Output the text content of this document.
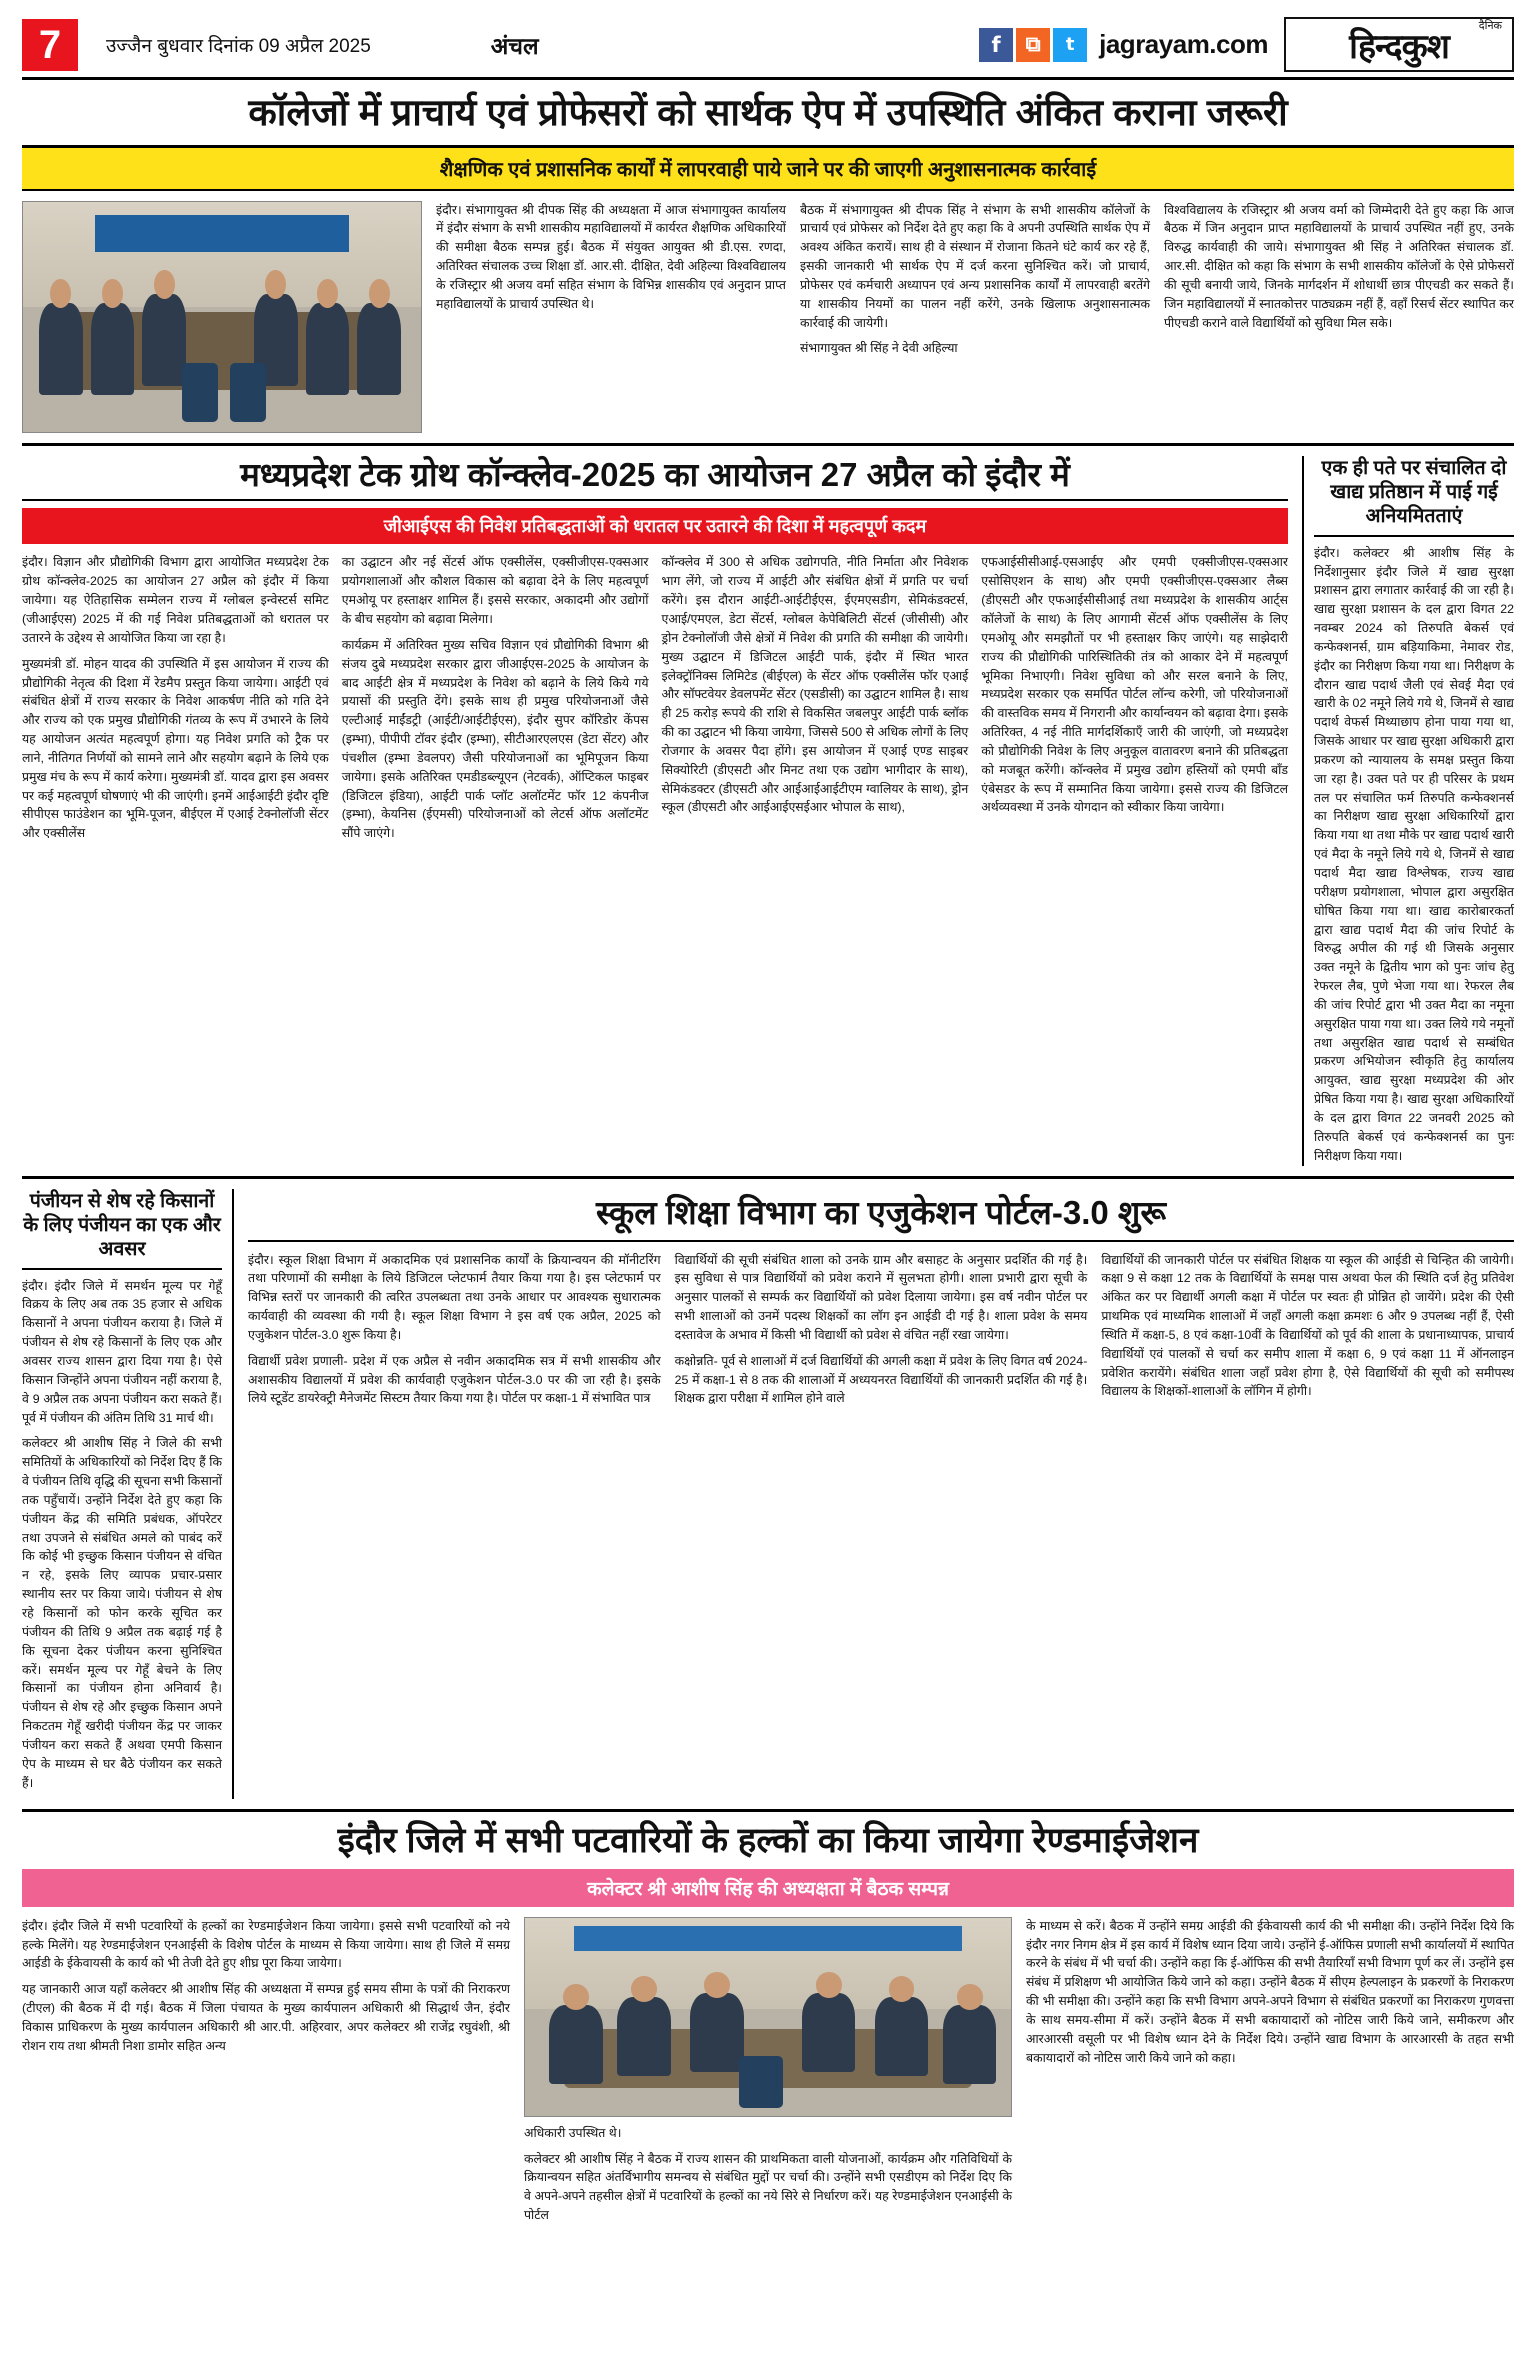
7	उज्जैन बुधवार दिनांक 09 अप्रैल 2025	अंचल	f	⧉	t jagrayam.com
दैनिक
हिन्दकुश
कॉलेजों में प्राचार्य एवं प्रोफेसरों को सार्थक ऐप में उपस्थिति अंकित कराना जरूरी
शैक्षणिक एवं प्रशासनिक कार्यों में लापरवाही पाये जाने पर की जाएगी अनुशासनात्मक कार्रवाई
इंदौर। संभागायुक्त श्री दीपक सिंह की अध्यक्षता में आज संभागायुक्त कार्यालय में इंदौर संभाग के सभी शासकीय महाविद्यालयों में कार्यरत शैक्षणिक अधिकारियों की समीक्षा बैठक सम्पन्न हुई। बैठक में संयुक्त आयुक्त श्री डी.एस. रणदा, अतिरिक्त संचालक उच्च शिक्षा डॉ. आर.सी. दीक्षित, देवी अहिल्या विश्वविद्यालय के रजिस्ट्रार श्री अजय वर्मा सहित संभाग के विभिन्न शासकीय एवं अनुदान प्राप्त महाविद्यालयों के प्राचार्य उपस्थित थे।

बैठक में संभागायुक्त श्री दीपक सिंह ने संभाग के सभी शासकीय कॉलेजों के प्राचार्य एवं प्रोफेसर को निर्देश देते हुए कहा कि वे अपनी उपस्थिति सार्थक ऐप में अवश्य अंकित करायें। साथ ही वे संस्थान में रोजाना कितने घंटे कार्य कर रहे हैं, इसकी जानकारी भी सार्थक ऐप में दर्ज करना सुनिश्चित करें। जो प्राचार्य, प्रोफेसर एवं कर्मचारी अध्यापन एवं अन्य प्रशासनिक कार्यों में लापरवाही बरतेंगे या शासकीय नियमों का पालन नहीं करेंगे, उनके खिलाफ अनुशासनात्मक कार्रवाई की जायेगी।

संभागायुक्त श्री सिंह ने देवी अहिल्या

विश्वविद्यालय के रजिस्ट्रार श्री अजय वर्मा को जिम्मेदारी देते हुए कहा कि आज बैठक में जिन अनुदान प्राप्त महाविद्यालयों के प्राचार्य उपस्थित नहीं हुए, उनके विरुद्ध कार्यवाही की जाये। संभागायुक्त श्री सिंह ने अतिरिक्त संचालक डॉ. आर.सी. दीक्षित को कहा कि संभाग के सभी शासकीय कॉलेजों के ऐसे प्रोफेसरों की सूची बनायी जाये, जिनके मार्गदर्शन में शोधार्थी छात्र पीएचडी कर सकते हैं। जिन महाविद्यालयों में स्नातकोत्तर पाठ्यक्रम नहीं हैं, वहाँ रिसर्च सेंटर स्थापित कर पीएचडी कराने वाले विद्यार्थियों को सुविधा मिल सके।
मध्यप्रदेश टेक ग्रोथ कॉन्क्लेव-2025 का आयोजन 27 अप्रैल को इंदौर में
जीआईएस की निवेश प्रतिबद्धताओं को धरातल पर उतारने की दिशा में महत्वपूर्ण कदम

इंदौर। विज्ञान और प्रौद्योगिकी विभाग द्वारा आयोजित मध्यप्रदेश टेक ग्रोथ कॉन्क्लेव-2025 का आयोजन 27 अप्रैल को इंदौर में किया जायेगा। यह ऐतिहासिक सम्मेलन राज्य में ग्लोबल इन्वेस्टर्स समिट (जीआईएस) 2025 में की गई निवेश प्रतिबद्धताओं को धरातल पर उतारने के उद्देश्य से आयोजित किया जा रहा है।

मुख्यमंत्री डॉ. मोहन यादव की उपस्थिति में इस आयोजन में राज्य की प्रौद्योगिकी नेतृत्व की दिशा में रेडमैप प्रस्तुत किया जायेगा। आईटी एवं संबंधित क्षेत्रों में राज्य सरकार के निवेश आकर्षण नीति को गति देने और राज्य को एक प्रमुख प्रौद्योगिकी गंतव्य के रूप में उभारने के लिये यह आयोजन अत्यंत महत्वपूर्ण होगा। यह निवेश प्रगति को ट्रैक पर लाने, नीतिगत निर्णयों को सामने लाने और सहयोग बढ़ाने के लिये एक प्रमुख मंच के रूप में कार्य करेगा। मुख्यमंत्री डॉ. यादव द्वारा इस अवसर पर कई महत्वपूर्ण घोषणाएं भी की जाएंगी। इनमें आईआईटी इंदौर दृष्टि सीपीएस फाउंडेशन का भूमि-पूजन, बीईएल में एआई टेक्नोलॉजी सेंटर और एक्सीलेंस

का उद्घाटन और नई सेंटर्स ऑफ एक्सीलेंस, एक्सीजीएस-एक्सआर प्रयोगशालाओं और कौशल विकास को बढ़ावा देने के लिए महत्वपूर्ण एमओयू पर हस्ताक्षर शामिल हैं। इससे सरकार, अकादमी और उद्योगों के बीच सहयोग को बढ़ावा मिलेगा।

कार्यक्रम में अतिरिक्त मुख्य सचिव विज्ञान एवं प्रौद्योगिकी विभाग श्री संजय दुबे मध्यप्रदेश सरकार द्वारा जीआईएस-2025 के आयोजन के बाद आईटी क्षेत्र में मध्यप्रदेश के निवेश को बढ़ाने के लिये किये गये प्रयासों की प्रस्तुति देंगे। इसके साथ ही प्रमुख परियोजनाओं जैसे एल्टीआई माईंडट्री (आईटी/आईटीईएस), इंदौर सुपर कॉरिडोर केंपस (इम्भा), पीपीपी टॉवर इंदौर (इम्भा), सीटीआरएलएस (डेटा सेंटर) और पंचशील (इम्भा डेवलपर) जैसी परियोजनाओं का भूमिपूजन किया जायेगा। इसके अतिरिक्त एमडीडब्ल्यूएन (नेटवर्क), ऑप्टिकल फाइबर (डिजिटल इंडिया), आईटी पार्क प्लॉट अलॉटमेंट फॉर 12 कंपनीज (इम्भा), केयनिस (ईएमसी) परियोजनाओं को लेटर्स ऑफ अलॉटमेंट सौंपे जाएंगे।

कॉन्क्लेव में 300 से अधिक उद्योगपति, नीति निर्माता और निवेशक भाग लेंगे, जो राज्य में आईटी और संबंधित क्षेत्रों में प्रगति पर चर्चा करेंगे। इस दौरान आईटी-आईटीईएस, ईएमएसडीग, सेमिकंडक्टर्स, एआई/एमएल, डेटा सेंटर्स, ग्लोबल केपेबिलिटी सेंटर्स (जीसीसी) और ड्रोन टेक्नोलॉजी जैसे क्षेत्रों में निवेश की प्रगति की समीक्षा की जायेगी। मुख्य उद्घाटन में डिजिटल आईटी पार्क, इंदौर में स्थित भारत इलेक्ट्रॉनिक्स लिमिटेड (बीईएल) के सेंटर ऑफ एक्सीलेंस फॉर एआई और सॉफ्टवेयर डेवलपमेंट सेंटर (एसडीसी) का उद्घाटन शामिल है। साथ ही 25 करोड़ रूपये की राशि से विकसित जबलपुर आईटी पार्क ब्लॉक की का उद्घाटन भी किया जायेगा, जिससे 500 से अधिक लोगों के लिए रोजगार के अवसर पैदा होंगे। इस आयोजन में एआई एण्ड साइबर सिक्योरिटी (डीएसटी और मिनट तथा एक उद्योग भागीदार के साथ), सेमिकंडक्टर (डीएसटी और आईआईआईटीएम ग्वालियर के साथ), ड्रोन स्कूल (डीएसटी और आईआईएसईआर भोपाल के साथ),
एफआईसीसीआई-एसआईए और एमपी एक्सीजीएस-एक्सआर एसोसिएशन के साथ) और एमपी एक्सीजीएस-एक्सआर लैब्स (डीएसटी और एफआईसीसीआई तथा मध्यप्रदेश के शासकीय आर्ट्स कॉलेजों के साथ) के लिए आगामी सेंटर्स ऑफ एक्सीलेंस के लिए एमओयू और समझौतों पर भी हस्ताक्षर किए जाएंगे। यह साझेदारी राज्य की प्रौद्योगिकी पारिस्थितिकी तंत्र को आकार देने में महत्वपूर्ण भूमिका निभाएगी। निवेश सुविधा को और सरल बनाने के लिए, मध्यप्रदेश सरकार एक समर्पित पोर्टल लॉन्च करेगी, जो परियोजनाओं की वास्तविक समय में निगरानी और कार्यान्वयन को बढ़ावा देगा। इसके अतिरिक्त, 4 नई नीति मार्गदर्शिकाएँ जारी की जाएंगी, जो मध्यप्रदेश को प्रौद्योगिकी निवेश के लिए अनुकूल वातावरण बनाने की प्रतिबद्धता को मजबूत करेंगी। कॉन्क्लेव में प्रमुख उद्योग हस्तियों को एमपी बॉंड एंबेसडर के रूप में सम्मानित किया जायेगा। इससे राज्य की डिजिटल अर्थव्यवस्था में उनके योगदान को स्वीकार किया जायेगा।
एक ही पते पर संचालित दो खाद्य प्रतिष्ठान में पाई गई अनियमितताएं
इंदौर। कलेक्टर श्री आशीष सिंह के निर्देशानुसार इंदौर जिले में खाद्य सुरक्षा प्रशासन द्वारा लगातार कार्रवाई की जा रही है। खाद्य सुरक्षा प्रशासन के दल द्वारा विगत 22 नवम्बर 2024 को तिरुपति बेकर्स एवं कन्फेक्शनर्स, ग्राम बड़ियाकिमा, नेमावर रोड, इंदौर का निरीक्षण किया गया था। निरीक्षण के दौरान खाद्य पदार्थ जैली एवं सेवई मैदा एवं खारी के 02 नमूने लिये गये थे, जिनमें से खाद्य पदार्थ वेफर्स मिथ्याछाप होना पाया गया था, जिसके आधार पर खाद्य सुरक्षा अधिकारी द्वारा प्रकरण को न्यायालय के समक्ष प्रस्तुत किया जा रहा है। उक्त पते पर ही परिसर के प्रथम तल पर संचालित फर्म तिरुपति कन्फेक्शनर्स का निरीक्षण खाद्य सुरक्षा अधिकारियों द्वारा किया गया था तथा मौके पर खाद्य पदार्थ खारी एवं मैदा के नमूने लिये गये थे, जिनमें से खाद्य पदार्थ मैदा खाद्य विश्लेषक, राज्य खाद्य परीक्षण प्रयोगशाला, भोपाल द्वारा असुरक्षित घोषित किया गया था। खाद्य कारोबारकर्ता द्वारा खाद्य पदार्थ मैदा की जांच रिपोर्ट के विरुद्ध अपील की गई थी जिसके अनुसार उक्त नमूने के द्वितीय भाग को पुनः जांच हेतु रेफरल लैब, पुणे भेजा गया था। रेफरल लैब की जांच रिपोर्ट द्वारा भी उक्त मैदा का नमूना असुरक्षित पाया गया था। उक्त लिये गये नमूनों तथा असुरक्षित खाद्य पदार्थ से सम्बंधित प्रकरण अभियोजन स्वीकृति हेतु कार्यालय आयुक्त, खाद्य सुरक्षा मध्यप्रदेश की ओर प्रेषित किया गया है। खाद्य सुरक्षा अधिकारियों के दल द्वारा विगत 22 जनवरी 2025 को तिरुपति बेकर्स एवं कन्फेक्शनर्स का पुनः निरीक्षण किया गया।
पंजीयन से शेष रहे किसानों के लिए पंजीयन का एक और अवसर

इंदौर। इंदौर जिले में समर्थन मूल्य पर गेहूँ विक्रय के लिए अब तक 35 हजार से अधिक किसानों ने अपना पंजीयन कराया है। जिले में पंजीयन से शेष रहे किसानों के लिए एक और अवसर राज्य शासन द्वारा दिया गया है। ऐसे किसान जिन्होंने अपना पंजीयन नहीं कराया है, वे 9 अप्रैल तक अपना पंजीयन करा सकते हैं। पूर्व में पंजीयन की अंतिम तिथि 31 मार्च थी।

कलेक्टर श्री आशीष सिंह ने जिले की सभी समितियों के अधिकारियों को निर्देश दिए हैं कि वे पंजीयन तिथि वृद्धि की सूचना सभी किसानों तक पहुँचायें। उन्होंने निर्देश देते हुए कहा कि पंजीयन केंद्र की समिति प्रबंधक, ऑपरेटर तथा उपजने से संबंधित अमले को पाबंद करें कि कोई भी इच्छुक किसान पंजीयन से वंचित न रहे, इसके लिए व्यापक प्रचार-प्रसार स्थानीय स्तर पर किया जाये। पंजीयन से शेष रहे किसानों को फोन करके सूचित कर पंजीयन की तिथि 9 अप्रैल तक बढ़ाई गई है कि सूचना देकर पंजीयन करना सुनिश्चित करें। समर्थन मूल्य पर गेहूँ बेचने के लिए किसानों का पंजीयन होना अनिवार्य है। पंजीयन से शेष रहे और इच्छुक किसान अपने निकटतम गेहूँ खरीदी पंजीयन केंद्र पर जाकर पंजीयन करा सकते हैं अथवा एमपी किसान ऐप के माध्यम से घर बैठे पंजीयन कर सकते हैं।

स्कूल शिक्षा विभाग का एजुकेशन पोर्टल-3.0 शुरू

इंदौर। स्कूल शिक्षा विभाग में अकादमिक एवं प्रशासनिक कार्यों के क्रियान्वयन की मॉनीटरिंग तथा परिणामों की समीक्षा के लिये डिजिटल प्लेटफार्म तैयार किया गया है। इस प्लेटफार्म पर विभिन्न स्तरों पर जानकारी की त्वरित उपलब्धता तथा उनके आधार पर आवश्यक सुधारात्मक कार्यवाही की व्यवस्था की गयी है। स्कूल शिक्षा विभाग ने इस वर्ष एक अप्रैल, 2025 को एजुकेशन पोर्टल-3.0 शुरू किया है।

विद्यार्थी प्रवेश प्रणाली- प्रदेश में एक अप्रैल से नवीन अकादमिक सत्र में सभी शासकीय और अशासकीय विद्यालयों में प्रवेश की कार्यवाही एजुकेशन पोर्टल-3.0 पर की जा रही है। इसके लिये स्टूडेंट डायरेक्ट्री मैनेजमेंट सिस्टम तैयार किया गया है। पोर्टल पर कक्षा-1 में संभावित पात्र

विद्यार्थियों की सूची संबंधित शाला को उनके ग्राम और बसाहट के अनुसार प्रदर्शित की गई है। इस सुविधा से पात्र विद्यार्थियों को प्रवेश कराने में सुलभता होगी। शाला प्रभारी द्वारा सूची के अनुसार पालकों से सम्पर्क कर विद्यार्थियों को प्रवेश दिलाया जायेगा। इस वर्ष नवीन पोर्टल पर सभी शालाओं को उनमें पदस्थ शिक्षकों का लॉग इन आईडी दी गई है। शाला प्रवेश के समय दस्तावेज के अभाव में किसी भी विद्यार्थी को प्रवेश से वंचित नहीं रखा जायेगा।

कक्षोन्नति- पूर्व से शालाओं में दर्ज विद्यार्थियों की अगली कक्षा में प्रवेश के लिए विगत वर्ष 2024-25 में कक्षा-1 से 8 तक की शालाओं में अध्ययनरत विद्यार्थियों की जानकारी प्रदर्शित की गई है। शिक्षक द्वारा परीक्षा में शामिल होने वाले

विद्यार्थियों की जानकारी पोर्टल पर संबंधित शिक्षक या स्कूल की आईडी से चिन्हित की जायेगी। कक्षा 9 से कक्षा 12 तक के विद्यार्थियों के समक्ष पास अथवा फेल की स्थिति दर्ज हेतु प्रतिवेश अंकित कर पर विद्यार्थी अगली कक्षा में पोर्टल पर स्वतः ही प्रोन्नित हो जायेंगे। प्रदेश की ऐसी प्राथमिक एवं माध्यमिक शालाओं में जहाँ अगली कक्षा क्रमशः 6 और 9 उपलब्ध नहीं हैं, ऐसी स्थिति में कक्षा-5, 8 एवं कक्षा-10वीं के विद्यार्थियों को पूर्व की शाला के प्रधानाध्यापक, प्राचार्य विद्यार्थियों एवं पालकों से चर्चा कर समीप शाला में कक्षा 6, 9 एवं कक्षा 11 में ऑनलाइन प्रवेशित करायेंगे। संबंधित शाला जहाँ प्रवेश होगा है, ऐसे विद्यार्थियों की सूची को समीपस्थ विद्यालय के शिक्षकों-शालाओं के लॉगिन में होगी।
इंदौर जिले में सभी पटवारियों के हल्कों का किया जायेगा रेण्डमाईजेशन
कलेक्टर श्री आशीष सिंह की अध्यक्षता में बैठक सम्पन्न

इंदौर। इंदौर जिले में सभी पटवारियों के हल्कों का रेण्डमाईजेशन किया जायेगा। इससे सभी पटवारियों को नये हल्के मिलेंगे। यह रेण्डमाईजेशन एनआईसी के विशेष पोर्टल के माध्यम से किया जायेगा। साथ ही जिले में समग्र आईडी के ईकेवायसी के कार्य को भी तेजी देते हुए शीघ्र पूरा किया जायेगा।

यह जानकारी आज यहाँ कलेक्टर श्री आशीष सिंह की अध्यक्षता में सम्पन्न हुई समय सीमा के पत्रों की निराकरण (टीएल) की बैठक में दी गई। बैठक में जिला पंचायत के मुख्य कार्यपालन अधिकारी श्री सिद्धार्थ जैन, इंदौर विकास प्राधिकरण के मुख्य कार्यपालन अधिकारी श्री आर.पी. अहिरवार, अपर कलेक्टर श्री राजेंद्र रघुवंशी, श्री रोशन राय तथा श्रीमती निशा डामोर सहित अन्य

अधिकारी उपस्थित थे।

कलेक्टर श्री आशीष सिंह ने बैठक में राज्य शासन की प्राथमिकता वाली योजनाओं, कार्यक्रम और गतिविधियों के क्रियान्वयन सहित अंतर्विभागीय समन्वय से संबंधित मुद्दों पर चर्चा की। उन्होंने सभी एसडीएम को निर्देश दिए कि वे अपने-अपने तहसील क्षेत्रों में पटवारियों के हल्कों का नये सिरे से निर्धारण करें। यह रेण्डमाईजेशन एनआईसी के पोर्टल

के माध्यम से करें। बैठक में उन्होंने समग्र आईडी की ईकेवायसी कार्य की भी समीक्षा की। उन्होंने निर्देश दिये कि इंदौर नगर निगम क्षेत्र में इस कार्य में विशेष ध्यान दिया जाये। उन्होंने ई-ऑफिस प्रणाली सभी कार्यालयों में स्थापित करने के संबंध में भी चर्चा की। उन्होंने कहा कि ई-ऑफिस की सभी तैयारियाँ सभी विभाग पूर्ण कर लें। उन्होंने इस संबंध में प्रशिक्षण भी आयोजित किये जाने को कहा। उन्होंने बैठक में सीएम हेल्पलाइन के प्रकरणों के निराकरण की भी समीक्षा की। उन्होंने कहा कि सभी विभाग अपने-अपने विभाग से संबंधित प्रकरणों का निराकरण गुणवत्ता के साथ समय-सीमा में करें। उन्होंने बैठक में सभी बकायादारों को नोटिस जारी किये जाने, समीकरण और आरआरसी वसूली पर भी विशेष ध्यान देने के निर्देश दिये। उन्होंने खाद्य विभाग के आरआरसी के तहत सभी बकायादारों को नोटिस जारी किये जाने को कहा।
